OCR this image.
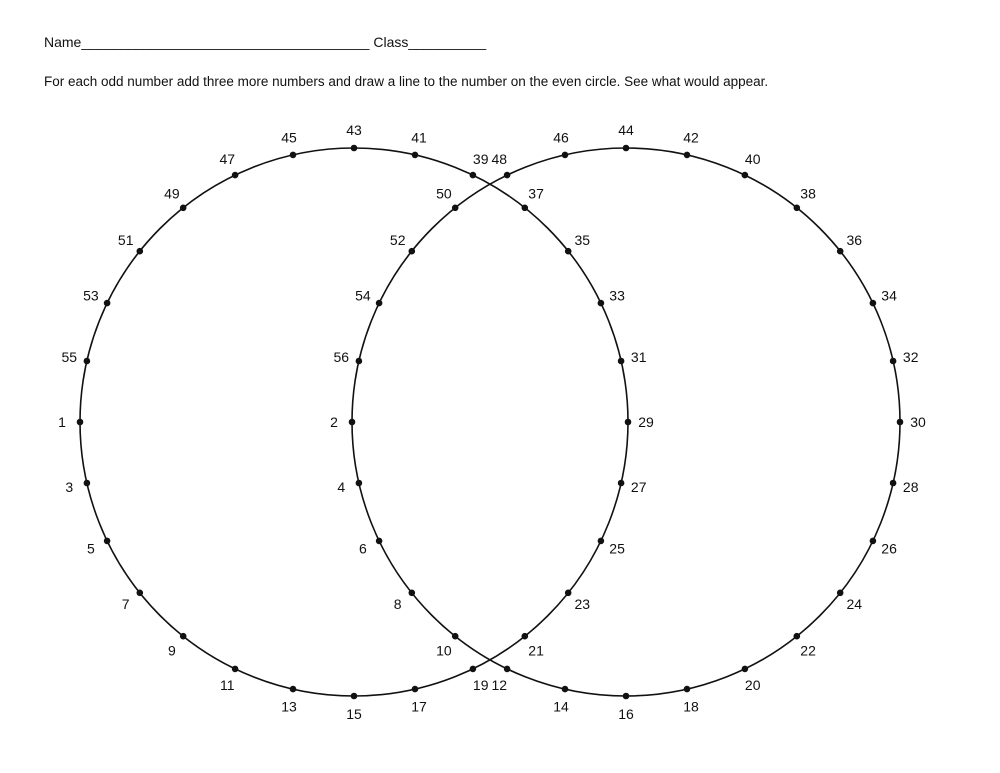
Name_____________________________________ Class__________
For each odd number add three more numbers and draw a line to the number on the even circle. See what would appear.
1
3
5
7
9
11
13	15	17
19
21
23
25
27
29
31
33
35
37
39
41
43
45
47
49
51
53
55
2
4
6
8
10
12
14	16	18
20
22
24
26
28
30
32
34
36
38
40
42
44
46
48
50
52
54
56
